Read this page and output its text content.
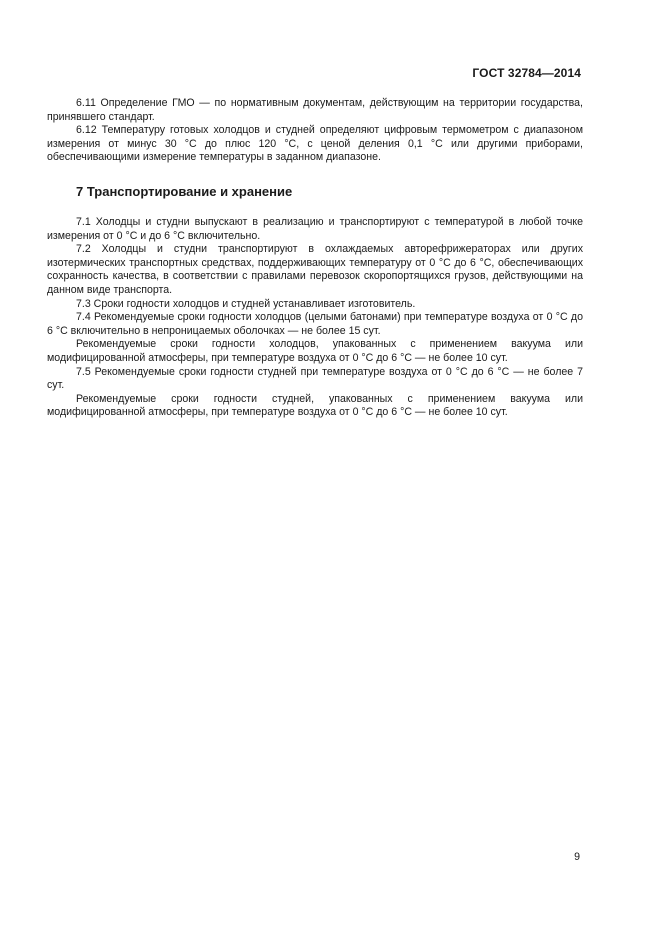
ГОСТ 32784—2014

6.11 Определение ГМО — по нормативным документам, действующим на территории государства, принявшего стандарт.

6.12 Температуру готовых холодцов и студней определяют цифровым термометром с диапазоном измерения от минус 30 °С до плюс 120 °С, с ценой деления 0,1 °С или другими приборами, обеспечивающими измерение температуры в заданном диапазоне.

7 Транспортирование и хранение

7.1 Холодцы и студни выпускают в реализацию и транспортируют с температурой в любой точке измерения от 0 °С и до 6 °С включительно.

7.2 Холодцы и студни транспортируют в охлаждаемых авторефрижераторах или других изотермических транспортных средствах, поддерживающих температуру от 0 °С до 6 °С, обеспечивающих сохранность качества, в соответствии с правилами перевозок скоропортящихся грузов, действующими на данном виде транспорта.

7.3 Сроки годности холодцов и студней устанавливает изготовитель.

7.4 Рекомендуемые сроки годности холодцов (целыми батонами) при температуре воздуха от 0 °С до 6 °С включительно в непроницаемых оболочках — не более 15 сут.

Рекомендуемые сроки годности холодцов, упакованных с применением вакуума или модифицированной атмосферы, при температуре воздуха от 0 °С до 6 °С — не более 10 сут.

7.5 Рекомендуемые сроки годности студней при температуре воздуха от 0 °С до 6 °С — не более 7 сут.

Рекомендуемые сроки годности студней, упакованных с применением вакуума или модифицированной атмосферы, при температуре воздуха от 0 °С до 6 °С — не более 10 сут.

9
